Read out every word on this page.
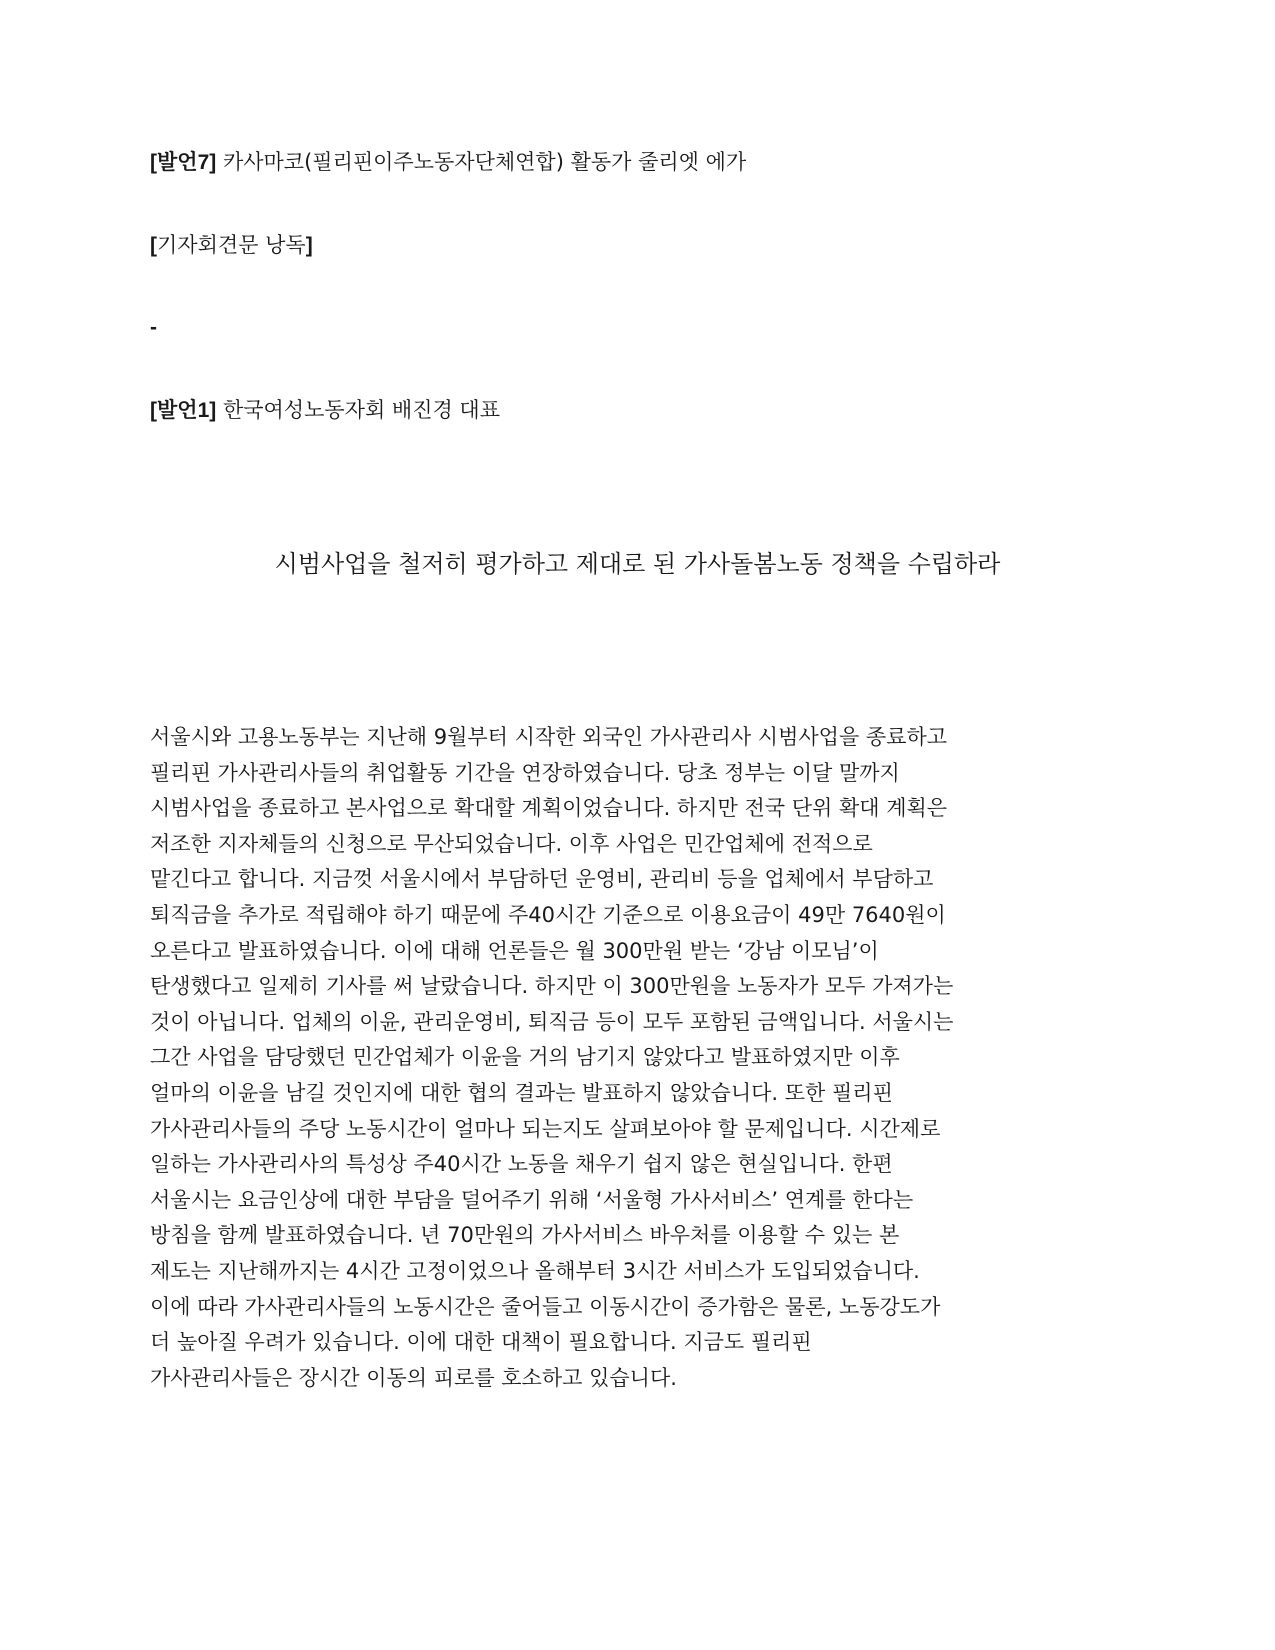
[발언7] 카사마코(필리핀이주노동자단체연합) 활동가 줄리엣 에가
[기자회견문 낭독]
-
[발언1] 한국여성노동자회 배진경 대표
시범사업을 철저히 평가하고 제대로 된 가사돌봄노동 정책을 수립하라
서울시와 고용노동부는 지난해 9월부터 시작한 외국인 가사관리사 시범사업을 종료하고
필리핀 가사관리사들의 취업활동 기간을 연장하였습니다. 당초 정부는 이달 말까지
시범사업을 종료하고 본사업으로 확대할 계획이었습니다. 하지만 전국 단위 확대 계획은
저조한 지자체들의 신청으로 무산되었습니다. 이후 사업은 민간업체에 전적으로
맡긴다고 합니다. 지금껏 서울시에서 부담하던 운영비, 관리비 등을 업체에서 부담하고
퇴직금을 추가로 적립해야 하기 때문에 주40시간 기준으로 이용요금이 49만 7640원이
오른다고 발표하였습니다. 이에 대해 언론들은 월 300만원 받는 ‘강남 이모님’이
탄생했다고 일제히 기사를 써 날랐습니다. 하지만 이 300만원을 노동자가 모두 가져가는
것이 아닙니다. 업체의 이윤, 관리운영비, 퇴직금 등이 모두 포함된 금액입니다. 서울시는
그간 사업을 담당했던 민간업체가 이윤을 거의 남기지 않았다고 발표하였지만 이후
얼마의 이윤을 남길 것인지에 대한 협의 결과는 발표하지 않았습니다. 또한 필리핀
가사관리사들의 주당 노동시간이 얼마나 되는지도 살펴보아야 할 문제입니다. 시간제로
일하는 가사관리사의 특성상 주40시간 노동을 채우기 쉽지 않은 현실입니다. 한편
서울시는 요금인상에 대한 부담을 덜어주기 위해 ‘서울형 가사서비스’ 연계를 한다는
방침을 함께 발표하였습니다. 년 70만원의 가사서비스 바우처를 이용할 수 있는 본
제도는 지난해까지는 4시간 고정이었으나 올해부터 3시간 서비스가 도입되었습니다.
이에 따라 가사관리사들의 노동시간은 줄어들고 이동시간이 증가함은 물론, 노동강도가
더 높아질 우려가 있습니다. 이에 대한 대책이 필요합니다. 지금도 필리핀
가사관리사들은 장시간 이동의 피로를 호소하고 있습니다.
